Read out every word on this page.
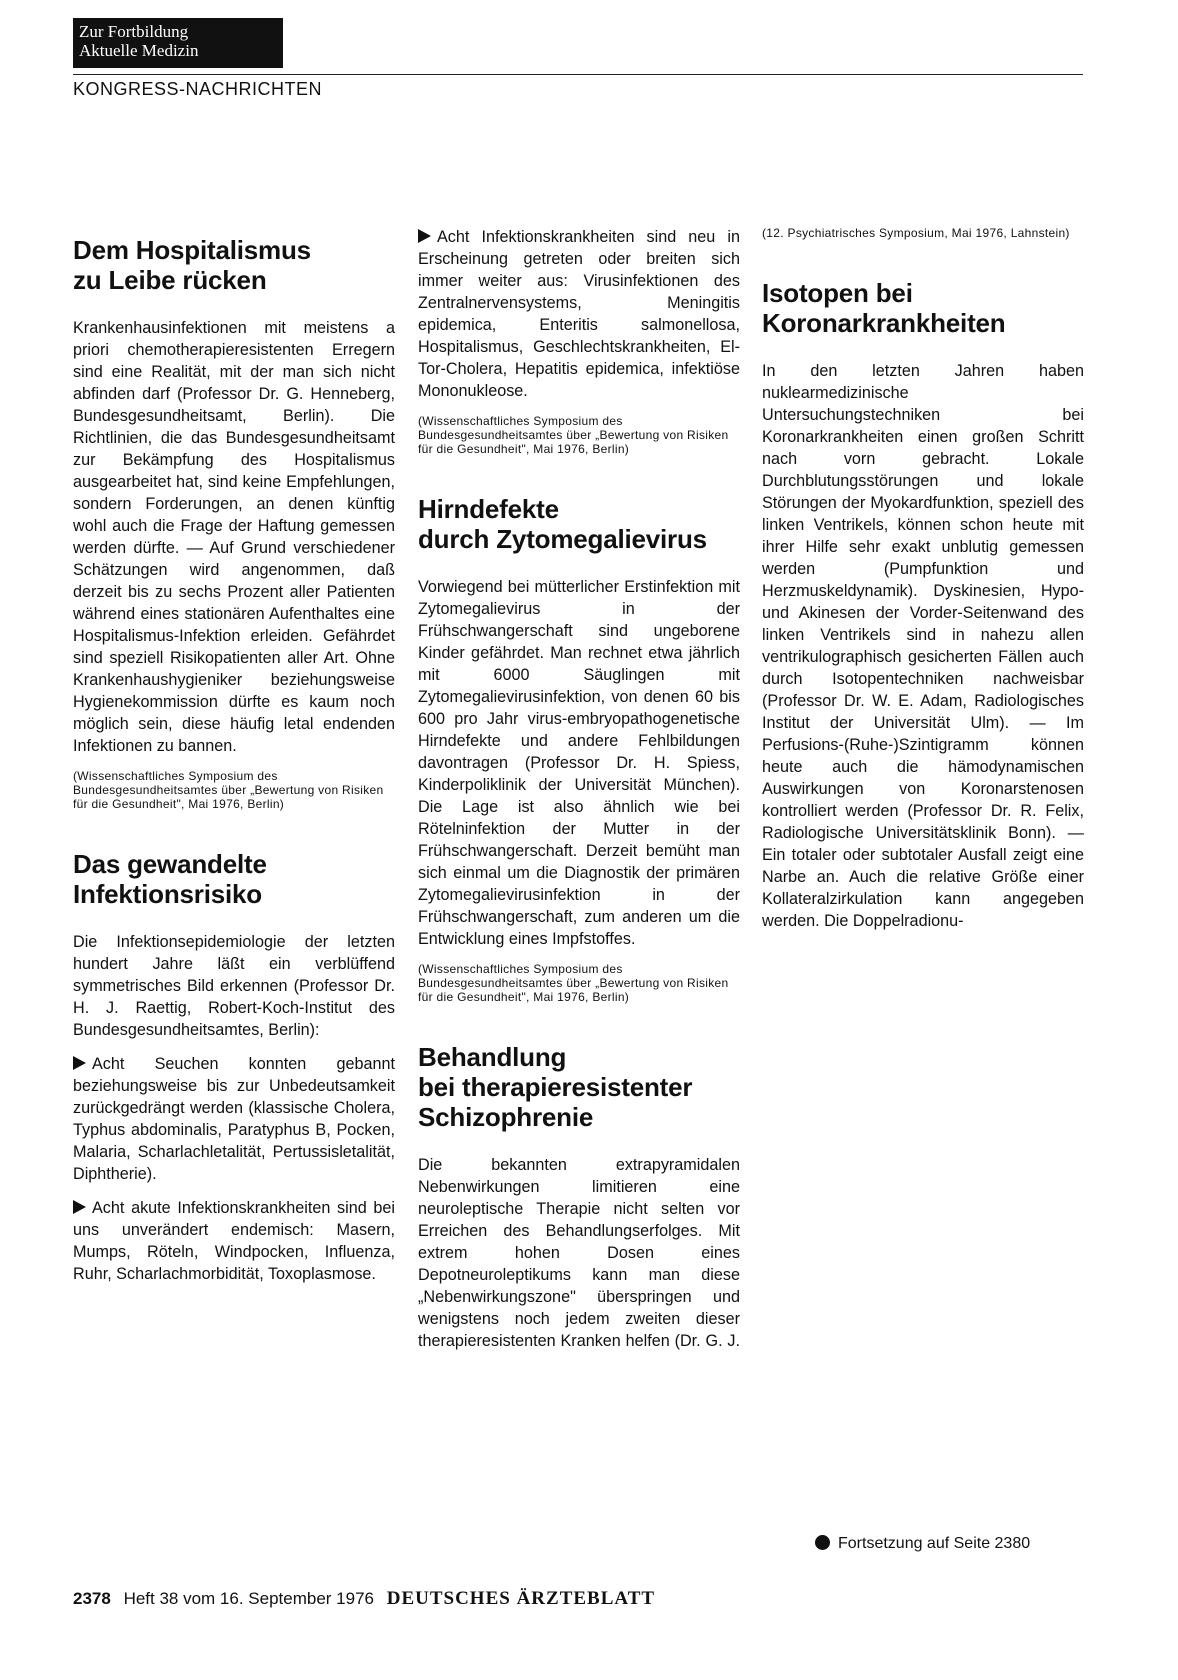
Zur Fortbildung
Aktuelle Medizin
KONGRESS-NACHRICHTEN
Dem Hospitalismus
zu Leibe rücken

Krankenhausinfektionen mit meistens a priori chemotherapieresistenten Erregern sind eine Realität, mit der man sich nicht abfinden darf (Professor Dr. G. Henneberg, Bundesgesundheitsamt, Berlin). Die Richtlinien, die das Bundesgesundheitsamt zur Bekämpfung des Hospitalismus ausgearbeitet hat, sind keine Empfehlungen, sondern Forderungen, an denen künftig wohl auch die Frage der Haftung gemessen werden dürfte. — Auf Grund verschiedener Schätzungen wird angenommen, daß derzeit bis zu sechs Prozent aller Patienten während eines stationären Aufenthaltes eine Hospitalismus-Infektion erleiden. Gefährdet sind speziell Risikopatienten aller Art. Ohne Krankenhaushygieniker beziehungsweise Hygienekommission dürfte es kaum noch möglich sein, diese häufig letal endenden Infektionen zu bannen.

(Wissenschaftliches Symposium des Bundesgesundheitsamtes über „Bewertung von Risiken für die Gesundheit", Mai 1976, Berlin)

Das gewandelte
Infektionsrisiko

Die Infektionsepidemiologie der letzten hundert Jahre läßt ein verblüffend symmetrisches Bild erkennen (Professor Dr. H. J. Raettig, Robert-Koch-Institut des Bundesgesundheitsamtes, Berlin):

Acht Seuchen konnten gebannt beziehungsweise bis zur Unbedeutsamkeit zurückgedrängt werden (klassische Cholera, Typhus abdominalis, Paratyphus B, Pocken, Malaria, Scharlachletalität, Pertussisletalität, Diphtherie).

Acht akute Infektionskrankheiten sind bei uns unverändert endemisch: Masern, Mumps, Röteln, Windpocken, Influenza, Ruhr, Scharlachmorbidität, Toxoplasmose.

Acht Infektionskrankheiten sind neu in Erscheinung getreten oder breiten sich immer weiter aus: Virusinfektionen des Zentralnervensystems, Meningitis epidemica, Enteritis salmonellosa, Hospitalismus, Geschlechtskrankheiten, El-Tor-Cholera, Hepatitis epidemica, infektiöse Mononukleose.

(Wissenschaftliches Symposium des Bundesgesundheitsamtes über „Bewertung von Risiken für die Gesundheit", Mai 1976, Berlin)

Hirndefekte
durch Zytomegalievirus

Vorwiegend bei mütterlicher Erstinfektion mit Zytomegalievirus in der Frühschwangerschaft sind ungeborene Kinder gefährdet. Man rechnet etwa jährlich mit 6000 Säuglingen mit Zytomegalievirusinfektion, von denen 60 bis 600 pro Jahr virus-embryopathogenetische Hirndefekte und andere Fehlbildungen davontragen (Professor Dr. H. Spiess, Kinderpoliklinik der Universität München). Die Lage ist also ähnlich wie bei Rötelninfektion der Mutter in der Frühschwangerschaft. Derzeit bemüht man sich einmal um die Diagnostik der primären Zytomegalievirusinfektion in der Frühschwangerschaft, zum anderen um die Entwicklung eines Impfstoffes.

(Wissenschaftliches Symposium des Bundesgesundheitsamtes über „Bewertung von Risiken für die Gesundheit", Mai 1976, Berlin)

Behandlung
bei therapieresistenter
Schizophrenie

Die bekannten extrapyramidalen Nebenwirkungen limitieren eine neuroleptische Therapie nicht selten vor Erreichen des Behandlungserfolges. Mit extrem hohen Dosen eines Depotneuroleptikums kann man diese „Nebenwirkungszone" überspringen und wenigstens noch jedem zweiten dieser therapieresistenten Kranken helfen (Dr. G. J.

(12. Psychiatrisches Symposium, Mai 1976, Lahnstein)

Isotopen bei
Koronarkrankheiten

In den letzten Jahren haben nuklearmedizinische Untersuchungstechniken bei Koronarkrankheiten einen großen Schritt nach vorn gebracht. Lokale Durchblutungsstörungen und lokale Störungen der Myokardfunktion, speziell des linken Ventrikels, können schon heute mit ihrer Hilfe sehr exakt unblutig gemessen werden (Pumpfunktion und Herzmuskeldynamik). Dyskinesien, Hypo- und Akinesen der Vorder-Seitenwand des linken Ventrikels sind in nahezu allen ventrikulographisch gesicherten Fällen auch durch Isotopentechniken nachweisbar (Professor Dr. W. E. Adam, Radiologisches Institut der Universität Ulm). — Im Perfusions-(Ruhe-)Szintigramm können heute auch die hämodynamischen Auswirkungen von Koronarstenosen kontrolliert werden (Professor Dr. R. Felix, Radiologische Universitätsklinik Bonn). — Ein totaler oder subtotaler Ausfall zeigt eine Narbe an. Auch die relative Größe einer Kollateralzirkulation kann angegeben werden. Die Doppelradionu-

Fortsetzung auf Seite 2380
2378 Heft 38 vom 16. September 1976 DEUTSCHES ÄRZTEBLATT
